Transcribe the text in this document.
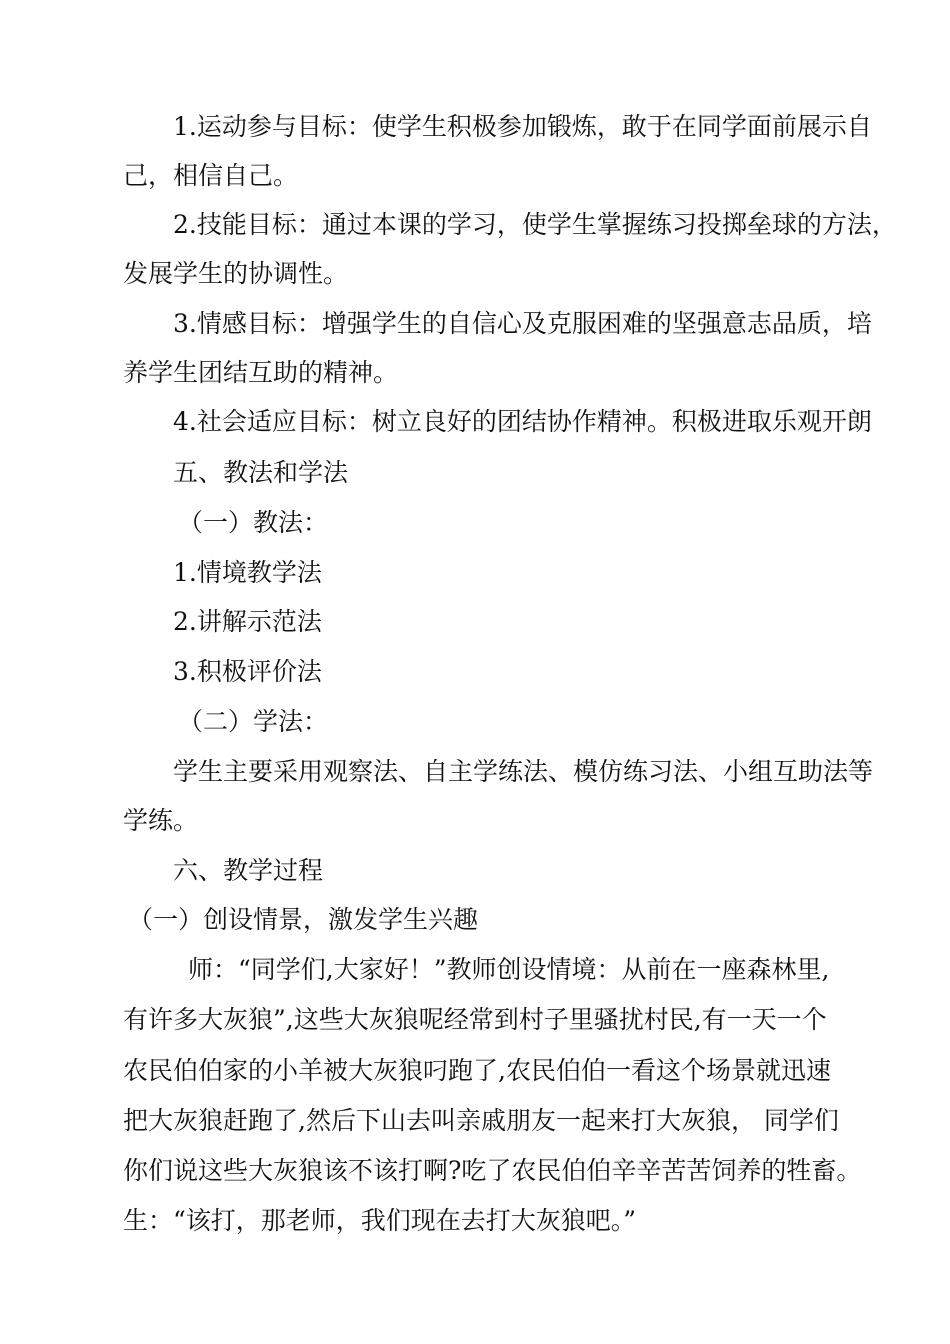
1.运动参与目标：使学生积极参加锻炼，敢于在同学面前展示自
己，相信自己。
2.技能目标：通过本课的学习，使学生掌握练习投掷垒球的方法，
发展学生的协调性。
3.情感目标：增强学生的自信心及克服困难的坚强意志品质，培
养学生团结互助的精神。
4.社会适应目标：树立良好的团结协作精神。积极进取乐观开朗
五、教法和学法
（一）教法：
1.情境教学法
2.讲解示范法
3.积极评价法
（二）学法：
学生主要采用观察法、自主学练法、模仿练习法、小组互助法等
学练。
六、教学过程
（一）创设情景，激发学生兴趣
师：“同学们,大家好！”教师创设情境：从前在一座森林里,
有许多大灰狼”,这些大灰狼呢经常到村子里骚扰村民,有一天一个
农民伯伯家的小羊被大灰狼叼跑了,农民伯伯一看这个场景就迅速
把大灰狼赶跑了,然后下山去叫亲戚朋友一起来打大灰狼， 同学们
你们说这些大灰狼该不该打啊?吃了农民伯伯辛辛苦苦饲养的牲畜。
生：“该打，那老师，我们现在去打大灰狼吧。”
